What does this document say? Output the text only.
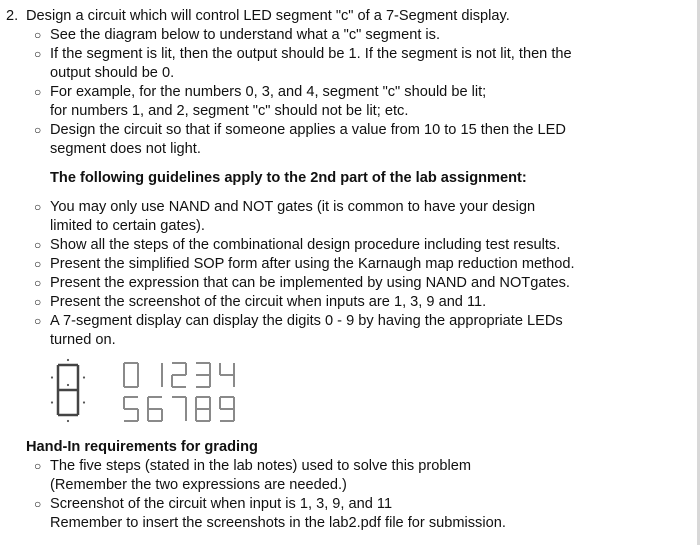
2. Design a circuit which will control LED segment "c" of a 7-Segment display.
○ See the diagram below to understand what a "c" segment is.
○ If the segment is lit, then the output should be 1. If the segment is not lit, then the
output should be 0.
○ For example, for the numbers 0, 3, and 4, segment "c" should be lit;
for numbers 1, and 2, segment "c" should not be lit; etc.
○ Design the circuit so that if someone applies a value from 10 to 15 then the LED
segment does not light.
The following guidelines apply to the 2nd part of the lab assignment:
○ You may only use NAND and NOT gates (it is common to have your design
limited to certain gates).
○ Show all the steps of the combinational design procedure including test results.
○ Present the simplified SOP form after using the Karnaugh map reduction method.
○ Present the expression that can be implemented by using NAND and NOTgates.
○ Present the screenshot of the circuit when inputs are 1, 3, 9 and 11.
○ A 7-segment display can display the digits 0 - 9 by having the appropriate LEDs
turned on.
Hand-In requirements for grading
○ The five steps (stated in the lab notes) used to solve this problem
(Remember the two expressions are needed.)
○ Screenshot of the circuit when input is 1, 3, 9, and 11
Remember to insert the screenshots in the lab2.pdf file for submission.
